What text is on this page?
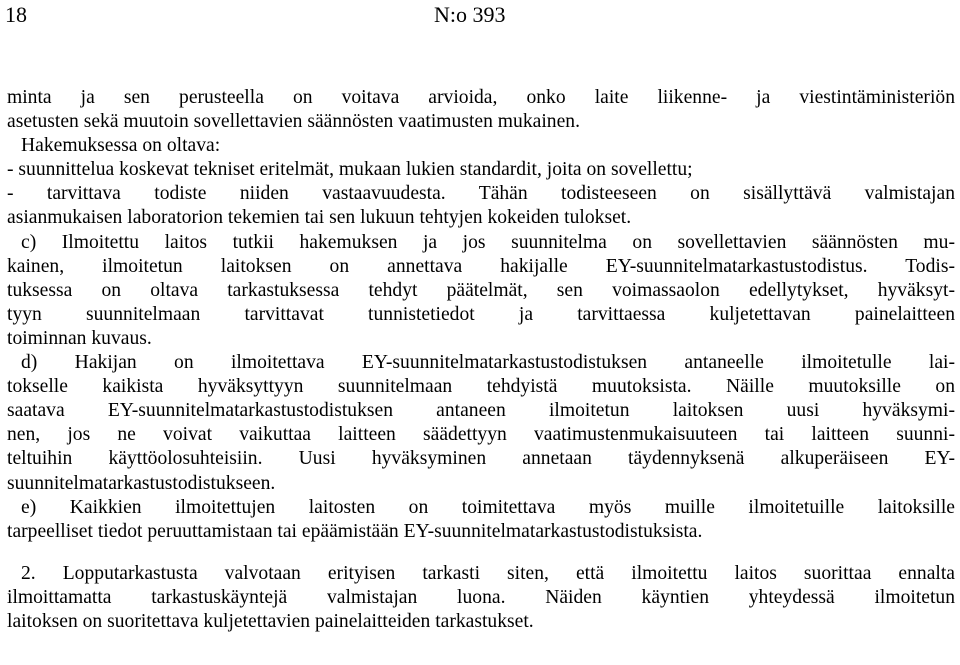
18	N:o 393
minta ja sen perusteella on voitava arvioida, onko laite liikenne- ja viestintäministeriön
asetusten sekä muutoin sovellettavien säännösten vaatimusten mukainen.
Hakemuksessa on oltava:
- suunnittelua koskevat tekniset eritelmät, mukaan lukien standardit, joita on sovellettu;
- tarvittava todiste niiden vastaavuudesta. Tähän todisteeseen on sisällyttävä valmistajan
asianmukaisen laboratorion tekemien tai sen lukuun tehtyjen kokeiden tulokset.
c) Ilmoitettu laitos tutkii hakemuksen ja jos suunnitelma on sovellettavien säännösten mu-
kainen, ilmoitetun laitoksen on annettava hakijalle EY-suunnitelmatarkastustodistus. Todis-
tuksessa on oltava tarkastuksessa tehdyt päätelmät, sen voimassaolon edellytykset, hyväksyt-
tyyn suunnitelmaan tarvittavat tunnistetiedot ja tarvittaessa kuljetettavan painelaitteen
toiminnan kuvaus.
d) Hakijan on ilmoitettava EY-suunnitelmatarkastustodistuksen antaneelle ilmoitetulle lai-
tokselle kaikista hyväksyttyyn suunnitelmaan tehdyistä muutoksista. Näille muutoksille on
saatava EY-suunnitelmatarkastustodistuksen antaneen ilmoitetun laitoksen uusi hyväksymi-
nen, jos ne voivat vaikuttaa laitteen säädettyyn vaatimustenmukaisuuteen tai laitteen suunni-
teltuihin käyttöolosuhteisiin. Uusi hyväksyminen annetaan täydennyksenä alkuperäiseen EY-
suunnitelmatarkastustodistukseen.
e) Kaikkien ilmoitettujen laitosten on toimitettava myös muille ilmoitetuille laitoksille
tarpeelliset tiedot peruuttamistaan tai epäämistään EY-suunnitelmatarkastustodistuksista.
2. Lopputarkastusta valvotaan erityisen tarkasti siten, että ilmoitettu laitos suorittaa ennalta
ilmoittamatta tarkastuskäyntejä valmistajan luona. Näiden käyntien yhteydessä ilmoitetun
laitoksen on suoritettava kuljetettavien painelaitteiden tarkastukset.
